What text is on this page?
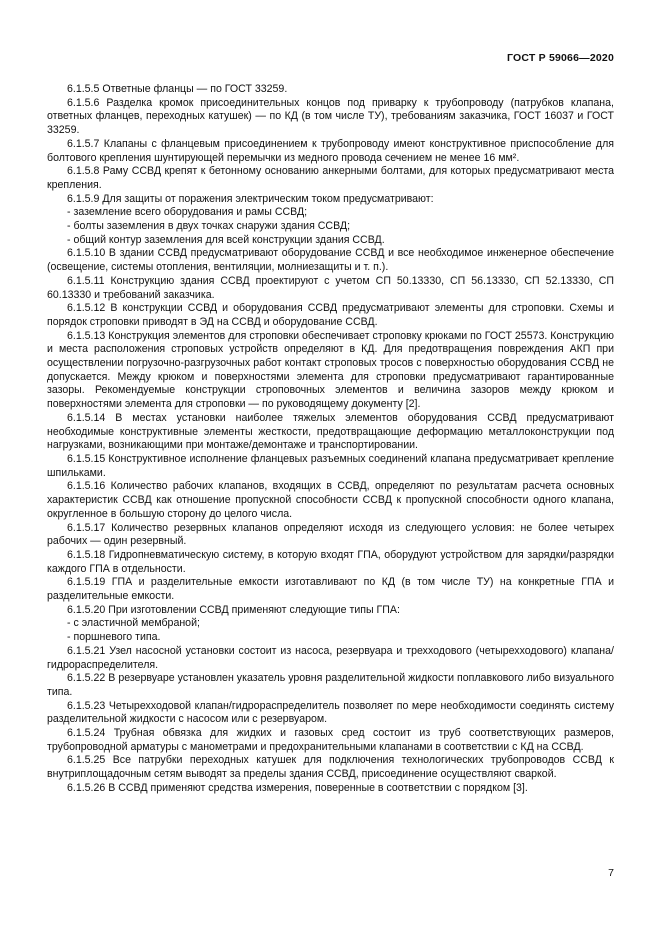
ГОСТ Р 59066—2020

6.1.5.5 Ответные фланцы — по ГОСТ 33259.

6.1.5.6 Разделка кромок присоединительных концов под приварку к трубопроводу (патрубков клапана, ответных фланцев, переходных катушек) — по КД (в том числе ТУ), требованиям заказчика, ГОСТ 16037 и ГОСТ 33259.

6.1.5.7 Клапаны с фланцевым присоединением к трубопроводу имеют конструктивное приспособление для болтового крепления шунтирующей перемычки из медного провода сечением не менее 16 мм².

6.1.5.8 Раму ССВД крепят к бетонному основанию анкерными болтами, для которых предусматривают места крепления.

6.1.5.9 Для защиты от поражения электрическим током предусматривают:

- заземление всего оборудования и рамы ССВД;

- болты заземления в двух точках снаружи здания ССВД;

- общий контур заземления для всей конструкции здания ССВД.

6.1.5.10 В здании ССВД предусматривают оборудование ССВД и все необходимое инженерное обеспечение (освещение, системы отопления, вентиляции, молниезащиты и т. п.).

6.1.5.11 Конструкцию здания ССВД проектируют с учетом СП 50.13330, СП 56.13330, СП 52.13330, СП 60.13330 и требований заказчика.

6.1.5.12 В конструкции ССВД и оборудования ССВД предусматривают элементы для строповки. Схемы и порядок строповки приводят в ЭД на ССВД и оборудование ССВД.

6.1.5.13 Конструкция элементов для строповки обеспечивает строповку крюками по ГОСТ 25573. Конструкцию и места расположения строповых устройств определяют в КД. Для предотвращения повреждения АКП при осуществлении погрузочно-разгрузочных работ контакт строповых тросов с поверхностью оборудования ССВД не допускается. Между крюком и поверхностями элемента для строповки предусматривают гарантированные зазоры. Рекомендуемые конструкции строповочных элементов и величина зазоров между крюком и поверхностями элемента для строповки — по руководящему документу [2].

6.1.5.14 В местах установки наиболее тяжелых элементов оборудования ССВД предусматривают необходимые конструктивные элементы жесткости, предотвращающие деформацию металлоконструкции под нагрузками, возникающими при монтаже/демонтаже и транспортировании.

6.1.5.15 Конструктивное исполнение фланцевых разъемных соединений клапана предусматривает крепление шпильками.

6.1.5.16 Количество рабочих клапанов, входящих в ССВД, определяют по результатам расчета основных характеристик ССВД как отношение пропускной способности ССВД к пропускной способности одного клапана, округленное в большую сторону до целого числа.

6.1.5.17 Количество резервных клапанов определяют исходя из следующего условия: не более четырех рабочих — один резервный.

6.1.5.18 Гидропневматическую систему, в которую входят ГПА, оборудуют устройством для зарядки/разрядки каждого ГПА в отдельности.

6.1.5.19 ГПА и разделительные емкости изготавливают по КД (в том числе ТУ) на конкретные ГПА и разделительные емкости.

6.1.5.20 При изготовлении ССВД применяют следующие типы ГПА:

- с эластичной мембраной;

- поршневого типа.

6.1.5.21 Узел насосной установки состоит из насоса, резервуара и трехходового (четырехходового) клапана/гидрораспределителя.

6.1.5.22 В резервуаре установлен указатель уровня разделительной жидкости поплавкового либо визуального типа.

6.1.5.23 Четырехходовой клапан/гидрораспределитель позволяет по мере необходимости соединять систему разделительной жидкости с насосом или с резервуаром.

6.1.5.24 Трубная обвязка для жидких и газовых сред состоит из труб соответствующих размеров, трубопроводной арматуры с манометрами и предохранительными клапанами в соответствии с КД на ССВД.

6.1.5.25 Все патрубки переходных катушек для подключения технологических трубопроводов ССВД к внутриплощадочным сетям выводят за пределы здания ССВД, присоединение осуществляют сваркой.

6.1.5.26 В ССВД применяют средства измерения, поверенные в соответствии с порядком [3].

7
